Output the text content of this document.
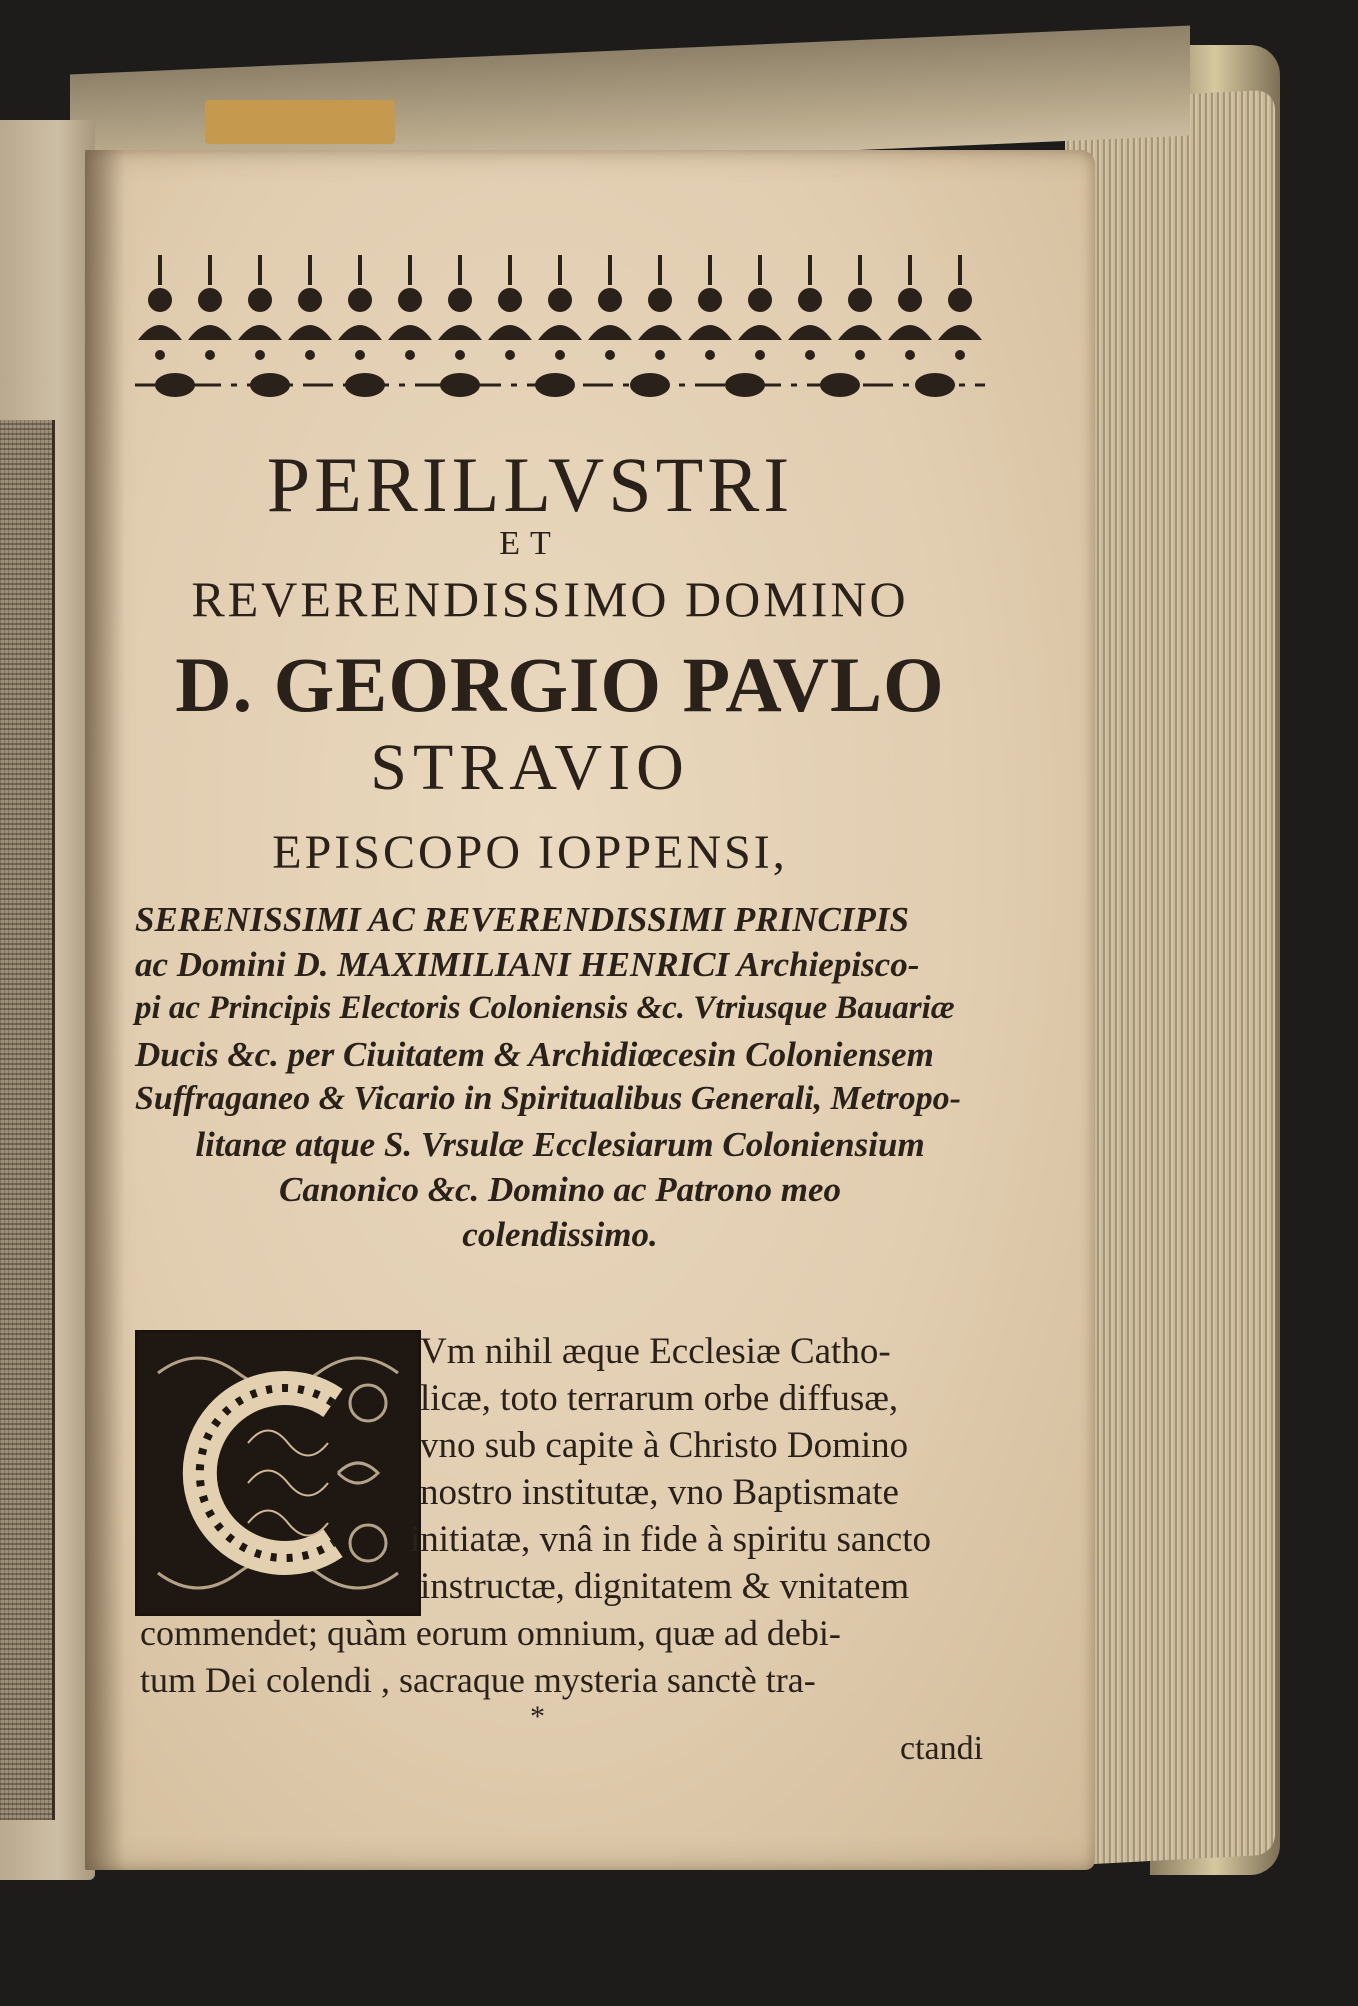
PERILLVSTRI
ET
REVERENDISSIMO DOMINO
D. GEORGIO PAVLO
STRAVIO
EPISCOPO IOPPENSI,
SERENISSIMI AC REVERENDISSIMI PRINCIPIS
ac Domini D. MAXIMILIANI HENRICI Archiepisco-
pi ac Principis Electoris Coloniensis &c. Vtriusque Bauariæ
Ducis &c. per Ciuitatem & Archidiœcesin Coloniensem
Suffraganeo & Vicario in Spiritualibus Generali, Metropo-
litanæ atque S. Vrsulæ Ecclesiarum Coloniensium
Canonico &c. Domino ac Patrono meo
colendissimo.
Vm nihil æque Ecclesiæ Catho-
licæ, toto terrarum orbe diffusæ,
vno sub capite à Christo Domino
nostro institutæ, vno Baptismate
initiatæ, vnâ in fide à spiritu sancto
instructæ, dignitatem & vnitatem
commendet; quàm eorum omnium, quæ ad debi-
tum Dei colendi , sacraque mysteria sanctè tra-
*
ctandi
